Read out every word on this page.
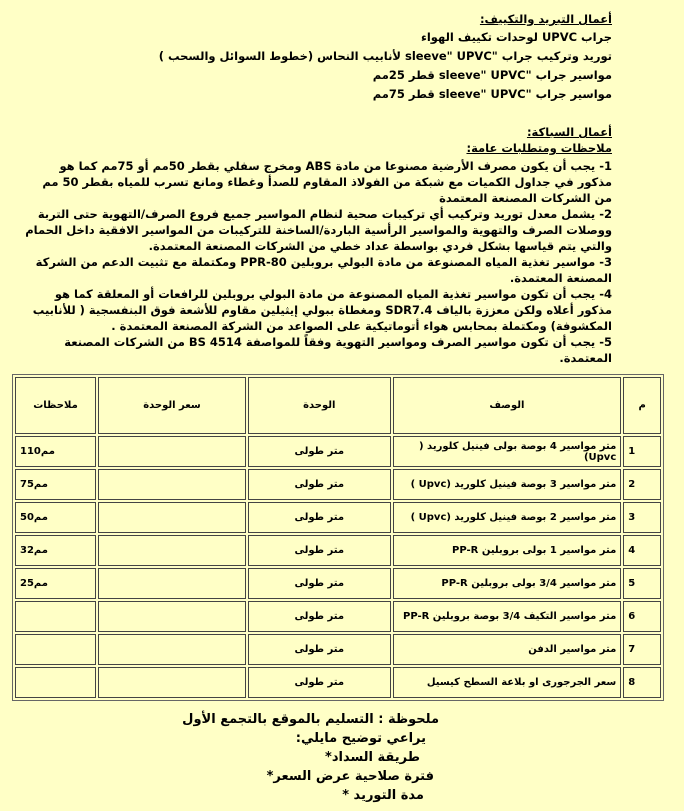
أعمال التبريد والتكييف:
جراب UPVC لوحدات تكييف الهواء
توريد وتركيب جراب "sleeve" UPVC لأنابيب النحاس (خطوط السوائل والسحب )
مواسير جراب "sleeve" UPVC قطر 25مم
مواسير جراب "sleeve" UPVC قطر 75مم
أعمال السباكة:
ملاحظات ومتطلبات عامة:

1- يجب أن يكون مصرف الأرضية مصنوعا من مادة ABS ومخرج سفلي بقطر 50مم أو 75مم كما هو مذكور في جداول الكميات مع شبكة من الفولاذ المقاوم للصدأ وغطاء ومانع تسرب للمياه بقطر 50 مم من الشركات المصنعة المعتمدة

2- يشمل معدل توريد وتركيب أي تركيبات صحية لنظام المواسير جميع فروع الصرف/التهوية حتى التربة ووصلات الصرف والتهوية والمواسير الرأسية الباردة/الساخنة للتركيبات من المواسير الافقية داخل الحمام والتي يتم قياسها بشكل فردي بواسطة عداد خطي من الشركات المصنعة المعتمدة.

3- مواسير تغذية المياه المصنوعة من مادة البولي بروبلين PPR-80 ومكتملة مع تثبيت الدعم من الشركة المصنعة المعتمدة.

4- يجب أن تكون مواسير تغذية المياه المصنوعة من مادة البولي بروبلين للرافعات أو المعلقة كما هو مذكور أعلاه ولكن معززة بالياف SDR7.4 ومغطاة ببولي إيثيلين مقاوم للأشعة فوق البنفسجية ( للأنابيب المكشوفة) ومكتملة بمحابس هواء أتوماتيكية على الصواعد من الشركة المصنعة المعتمدة .

5- يجب أن تكون مواسير الصرف ومواسير التهوية وفقاً للمواصفة BS 4514 من الشركات المصنعة المعتمدة.

ملاحظات	سعر الوحدة	الوحدة	الوصف	م
110مم		متر طولى	متر مواسير 4 بوصة بولى فينيل كلوريد ( Upvc)	1
75مم		متر طولى	متر مواسير 3 بوصة فينيل كلوريد (Upvc )	2
50مم		متر طولى	متر مواسير 2 بوصة فينيل كلوريد (Upvc )	3
32مم		متر طولى	متر مواسير 1 بولى بروبلين PP-R	4
25مم		متر طولى	متر مواسير 3/4 بولى بروبلين PP-R	5
		متر طولى	متر مواسير التكيف 3/4 بوصة بروبلين PP-R	6
		متر طولى	متر مواسير الدفن	7
		متر طولى	سعر الجرجورى او بلاعة السطح كيسيل	8
ملحوظة : التسليم بالموقع بالتجمع الأول
يراعي توضيح مايلي:
طريقة السداد*
فترة صلاحية عرض السعر*
مدة التوريد *
